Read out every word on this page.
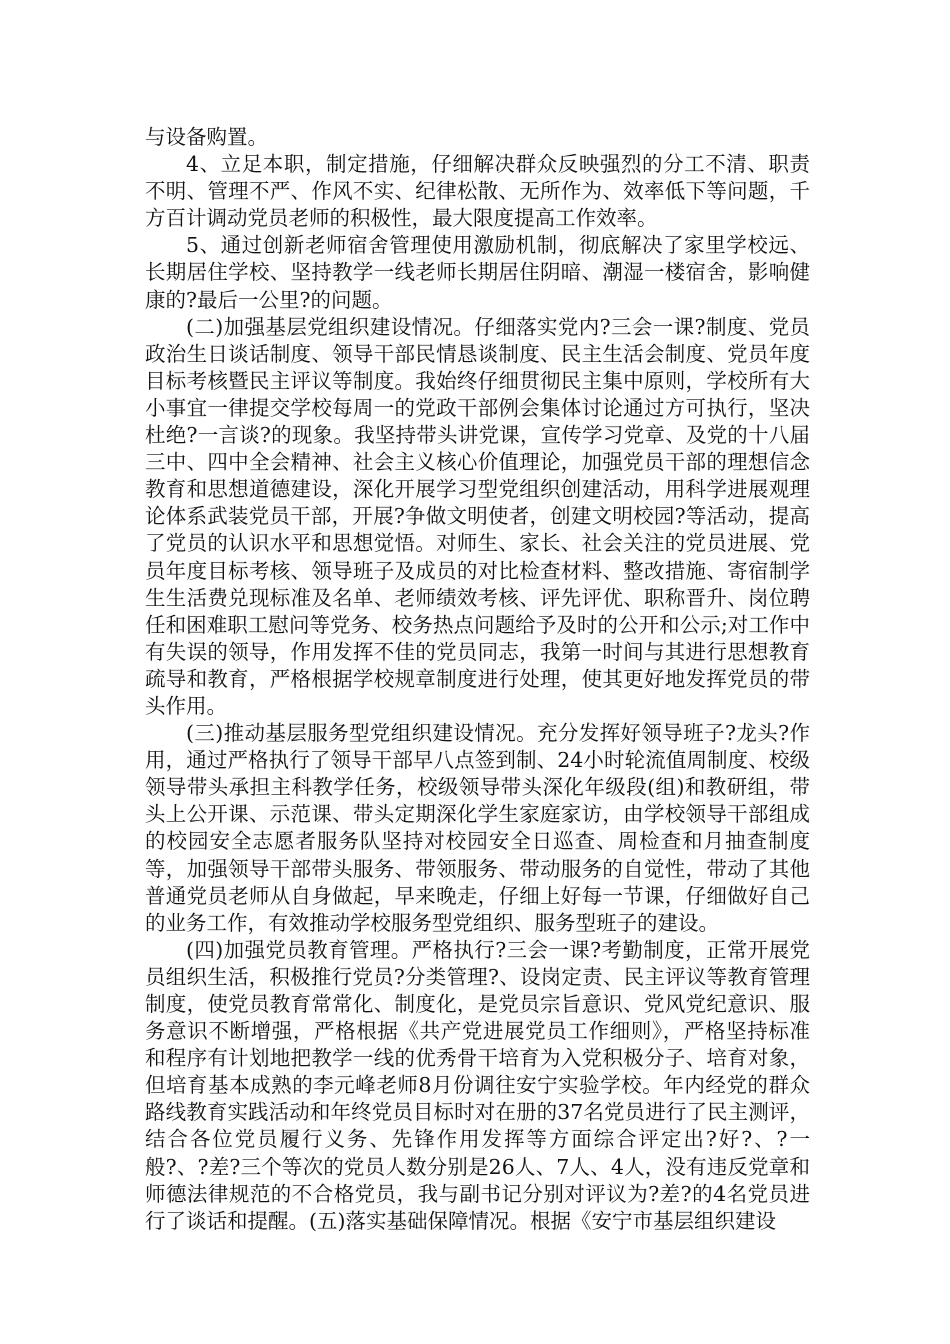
与设备购置。

4、立足本职，制定措施，仔细解决群众反映强烈的分工不清、职责不明、管理不严、作风不实、纪律松散、无所作为、效率低下等问题，千方百计调动党员老师的积极性，最大限度提高工作效率。

5、通过创新老师宿舍管理使用激励机制，彻底解决了家里学校远、长期居住学校、坚持教学一线老师长期居住阴暗、潮湿一楼宿舍，影响健康的?最后一公里?的问题。

(二)加强基层党组织建设情况。仔细落实党内?三会一课?制度、党员政治生日谈话制度、领导干部民情恳谈制度、民主生活会制度、党员年度目标考核暨民主评议等制度。我始终仔细贯彻民主集中原则，学校所有大小事宜一律提交学校每周一的党政干部例会集体讨论通过方可执行，坚决杜绝?一言谈?的现象。我坚持带头讲党课，宣传学习党章、及党的十八届三中、四中全会精神、社会主义核心价值理论，加强党员干部的理想信念教育和思想道德建设，深化开展学习型党组织创建活动，用科学进展观理论体系武装党员干部，开展?争做文明使者，创建文明校园?等活动，提高了党员的认识水平和思想觉悟。对师生、家长、社会关注的党员进展、党员年度目标考核、领导班子及成员的对比检查材料、整改措施、寄宿制学生生活费兑现标准及名单、老师绩效考核、评先评优、职称晋升、岗位聘任和困难职工慰问等党务、校务热点问题给予及时的公开和公示;对工作中有失误的领导，作用发挥不佳的党员同志，我第一时间与其进行思想教育疏导和教育，严格根据学校规章制度进行处理，使其更好地发挥党员的带头作用。

(三)推动基层服务型党组织建设情况。充分发挥好领导班子?龙头?作用，通过严格执行了领导干部早八点签到制、24小时轮流值周制度、校级领导带头承担主科教学任务，校级领导带头深化年级段(组)和教研组，带头上公开课、示范课、带头定期深化学生家庭家访，由学校领导干部组成的校园安全志愿者服务队坚持对校园安全日巡查、周检查和月抽查制度等，加强领导干部带头服务、带领服务、带动服务的自觉性，带动了其他普通党员老师从自身做起，早来晚走，仔细上好每一节课，仔细做好自己的业务工作，有效推动学校服务型党组织、服务型班子的建设。

(四)加强党员教育管理。严格执行?三会一课?考勤制度，正常开展党员组织生活，积极推行党员?分类管理?、设岗定责、民主评议等教育管理制度，使党员教育常常化、制度化，是党员宗旨意识、党风党纪意识、服务意识不断增强，严格根据《共产党进展党员工作细则》，严格坚持标准和程序有计划地把教学一线的优秀骨干培育为入党积极分子、培育对象，但培育基本成熟的李元峰老师8月份调往安宁实验学校。年内经党的群众路线教育实践活动和年终党员目标时对在册的37名党员进行了民主测评，结合各位党员履行义务、先锋作用发挥等方面综合评定出?好?、?一般?、?差?三个等次的党员人数分别是26人、7人、4人，没有违反党章和师德法律规范的不合格党员，我与副书记分别对评议为?差?的4名党员进行了谈话和提醒。(五)落实基础保障情况。根据《安宁市基层组织建设
